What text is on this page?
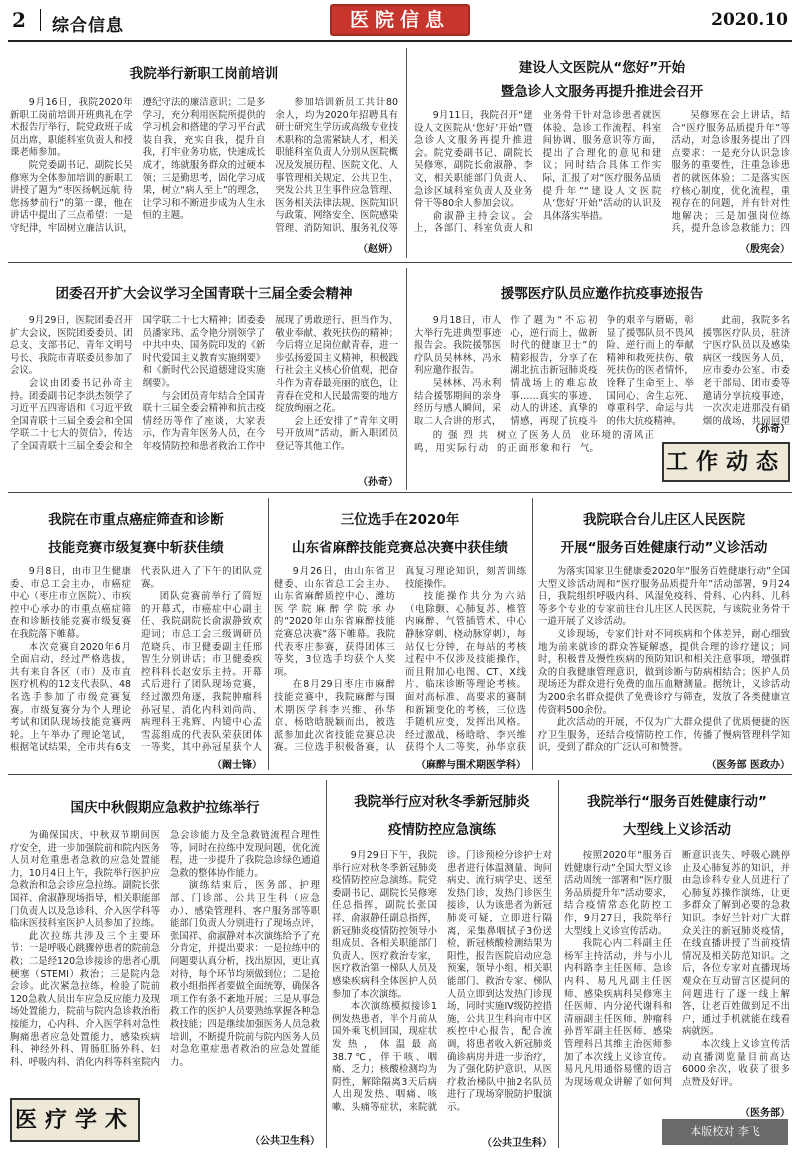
2 综合信息	医院信息	2020.10
我院举行新职工岗前培训

9月16日，我院2020年新职工岗前培训开班典礼在学术报告厅举行，院党政班子成员出席，职能科室负责人和授课老师参加。

院党委副书记、副院长吴修寒为全体参加培训的新职工讲授了题为“枣医扬帆远航 待您扬梦前行”的第一课，他在讲话中提出了三点希望：一是守纪律，牢固树立廉洁认识，遵纪守法的廉洁意识；二是多学习，充分利用医院所提供的学习机会和搭建的学习平台武装自我，充实自我，提升自我，打牢业务功底，快速成长成才，练就服务群众的过硬本领；三是勤思考，固化学习成果，树立“病人至上”的理念，让学习和不断进步成为人生永恒的主题。

参加培训新员工共计80余人，均为2020年招聘具有研士研究生学历或高级专业技术职称的急需紧缺人才，相关职能科室负责人分别从医院概况及发展历程、医院文化、人事管理相关规定、公共卫生、突发公共卫生事件应急管理、医务相关法律法规、医院知识与政策、网络安全、医院感染管理、消防知识、服务礼仪等

（赵妍）
建设人文医院从“您好”开始
暨急诊人文服务再提升推进会召开

9月11日，我院召开“建设人文医院从‘您好’开始”暨急诊人文服务再提升推进会。院党委副书记、副院长吴修寒，副院长俞淑静、李文，相关职能部门负责人、急诊区域科室负责人及业务骨干等80余人参加会议。

俞淑静主持会议。会上，各部门、科室负责人和业务骨干针对急诊患者就医体验、急诊工作流程、科室间协调、服务意识等方面，提出了合理化的意见和建议；同时结合具体工作实际，汇报了对“医疗服务品质提升年”“建设人文医院 从‘您好’开始”活动的认识及具体落实举措。

吴修寒在会上讲话，结合“医疗服务品质提升年”等活动，对急诊服务提出了四点要求：一是充分认识急诊服务的重要性，注重急诊患者的就医体验；二是落实医疗核心制度，优化流程，重视存在的问题，并有针对性地解决；三是加强岗位练兵，提升急诊急救能力；四

（殷宪会）
团委召开扩大会议学习全国青联十三届全委会精神

9月29日，医院团委召开扩大会议，医院团委委员、团总支、支部书记、青年文明号号长、我院市青联委员参加了会议。

会议由团委书记孙奇主持。团委副书记李洪杰领学了习近平五四寄语和《习近平致全国青联十三届全委会和全国学联二十七大的贺信》，传达了全国青联十三届全委会和全国学联二十七大精神；团委委员潘家玮、孟令艳分别领学了中共中央、国务院印发的《新时代爱国主义教育实施纲要》和《新时代公民道德建设实施纲要》。

与会团员青年结合全国青联十三届全委会精神和抗击疫情经历等作了座谈，大家表示，作为青年医务人员，在今年疫情防控和患者救治工作中展现了勇敢逆行、担当作为、敬业奉献、救死扶伤的精神；今后将立足岗位献青春，进一步弘扬爱国主义精神，积极践行社会主义核心价值观，把奋斗作为青春最亮丽的底色，让青春在党和人民最需要的地方绽放绚丽之花。

会上还安排了“青年文明号开放周”活动，新入职团员登记等其他工作。

（孙奇）
援鄂医疗队员应邀作抗疫事迹报告

9月18日，市人大举行先进典型事迹报告会。我院援鄂医疗队员吴林林、冯永利应邀作报告。

吴林林、冯永利结合援鄂期间的亲身经历与感人瞬间，采取二人合讲的形式，作了题为“不忘初心，逆行而上，做新时代的健康卫士”的精彩报告，分享了在湖北抗击新冠肺炎疫情战场上的难忘故事……真实的事迹、动人的讲述、真挚的情感，再现了抗疫斗争的艰辛与磨砺，彰显了援鄂队员不畏风险、逆行而上的奉献精神和救死扶伤、敬死扶伤的医者情怀，诠释了生命至上、举国同心、舍生忘死、尊重科学、命运与共的伟大抗疫精神。

此前，我院多名援鄂医疗队员，驻济宁医疗队员以及感染病区一线医务人员，应市委办公室、市委老干部局、团市委等邀请分享抗疫事迹，一次次走进那没有硝烟的战场，共同回望

的强烈共鸣，用实际行动树立了医务人员的正面形象和行业环境的清风正气。

（孙奇）
工作动态
我院在市重点癌症筛查和诊断
技能竞赛市级复赛中斩获佳绩

9月8日，由市卫生健康委、市总工会主办，市癌症中心（枣庄市立医院）、市疾控中心承办的市重点癌症筛查和诊断技能竞赛市级复赛在我院落下帷幕。

本次竞赛自2020年6月全面启动，经过严格选拔，共有来自各区（市）及市直医疗机构的12支代表队、48名选手参加了市级竞赛复赛。市级复赛分为个人理论考试和团队现场技能竞赛两轮。上午举办了理论笔试，根据笔试结果，全市共有6支代表队进入了下午的团队竞赛。

团队竞赛前举行了简短的开幕式，市癌症中心副主任、我院副院长俞淑静致欢迎词；市总工会三级调研员范晓兵、市卫健委副主任邢智生分别讲话；市卫健委疾控科科长赵安乐主持。开幕式后进行了团队现场竞赛，经过激烈角逐，我院肿瘤科孙冠星、消化内科刘尚尚、病理科王兆辉、内镜中心孟雪蕊组成的代表队荣获团体一等奖，其中孙冠星获个人

（阚士锋）
三位选手在2020年
山东省麻醉技能竞赛总决赛中获佳绩

9月26日，由山东省卫健委、山东省总工会主办、山东省麻醉质控中心、潍坊医学院麻醉学院承办的“2020年山东省麻醉技能竞赛总决赛”落下帷幕。我院代表枣庄参赛，获得团体三等奖，3位选手均获个人奖项。

在8月29日枣庄市麻醉技能竞赛中，我院麻醉与围术期医学科李兴维、孙华京、杨晗晗脱颖而出，被选派参加此次省技能竞赛总决赛。三位选手积极备赛，认真复习理论知识，刻苦训练技能操作。

技能操作共分为六站（电除颤、心肺复苏、椎管内麻醉、气管插管术、中心静脉穿刺、桡动脉穿刺），每站仅七分钟，在每站的考核过程中不仅涉及技能操作，而且附加心电图、CT、X线片、临床诊断等理论考核。面对高标准、高要求的赛制和新颖变化的考核，三位选手随机应变，发挥出风格。经过激战，杨晗晗、李兴维获得个人二等奖，孙华京获

（麻醉与围术期医学科）
我院联合台儿庄区人民医院
开展“服务百姓健康行动”义诊活动

为落实国家卫生健康委2020年“服务百姓健康行动”全国大型义诊活动周和“医疗服务品质提升年”活动部署，9月24日，我院组织呼吸内科、风湿免疫科、骨科、心内科、儿科等多个专业的专家前往台儿庄区人民医院，与该院业务骨干一道开展了义诊活动。

义诊现场，专家们针对不同疾病和个体差异，耐心细致地为前来就诊的群众答疑解惑，提供合理的诊疗建议；同时，积极普及慢性疾病的预防知识和相关注意事项，增强群众的自我健康管理意识，做到诊断与防病相结合；医护人员现场还为群众进行免费的血压血糖测量。据统计，义诊活动为200余名群众提供了免费诊疗与筛查，发放了各类健康宣传资料500余份。

此次活动的开展，不仅为广大群众提供了优质便捷的医疗卫生服务，还结合疫情防控工作，传播了慢病管理科学知识，受到了群众的广泛认可和赞誉。

（医务部 医政办）
国庆中秋假期应急救护拉练举行

为确保国庆、中秋双节期间医疗安全，进一步加强院前和院内医务人员对危重患者急救的应急处置能力，10月4日上午，我院举行医护应急救治和急会诊应急拉练。副院长张国祥、俞淑静现场指导，相关职能部门负责人以及急诊科、介入医学科等临床医技科室医护人员参加了拉练。

此次拉练共涉及三个主要环节：一是呼吸心跳骤停患者的院前急救；二是经120急诊接诊的患者心肌梗塞（STEMI）救治；三是院内急会诊。此次紧急拉练，检验了院前120急救人员出车应急反应能力及现场处置能力，院前与院内急诊救治衔接能力，心内科、介入医学科对急性胸痛患者应急处置能力，感染疾病科、神经外科、胃肠肛肠外科、妇科、呼吸内科、消化内科等科室院内急会诊能力及全急救链流程合理性等，同时在拉练中发现问题，优化流程，进一步提升了我院急诊绿色通道急救的整体协作能力。

演练结束后，医务部、护理部、门诊部、公共卫生科（应急办）、感染管理科、客户服务部等职能部门负责人分别进行了现场点评，张国祥、俞淑静对本次演练给予了充分肯定，并提出要求：一是拉练中的问题要认真分析，找出原因，更让真对待，每个环节均须做到位；二是抢救小组指挥者要做全面统筹，确保各项工作有条不紊地开展；三是从事急救工作的医护人员要熟练掌握各种急救技能；四是继续加强医务人员急救培训，不断提升院前与院内医务人员对急危重症患者救治的应急处置能力。

（公共卫生科）
医疗学术
我院举行应对秋冬季新冠肺炎
疫情防控应急演练

9月29日下午，我院举行应对秋冬季新冠肺炎疫情防控应急演练。院党委副书记、副院长吴修寒任总指挥，副院长张国祥、俞淑静任副总指挥，新冠肺炎疫情防控领导小组成员、各相关职能部门负责人、医疗救治专家，医疗救治第一梯队人员及感染疾病科全体医护人员参加了本次演练。

本次演练模拟接诊1例发热患者，半个月前从国外乘飞机回国，现症状发热，体温最高38.7℃，伴干咳、咽痛、乏力；核酸检测均为阴性，解除隔离3天后病人出现发热、咽痛、咳嗽、头痛等症状，来院就诊。门诊预检分诊护士对患者进行体温测量、询问病史、流行病学史、送至发热门诊，发热门诊医生接诊，认为该患者为新冠肺炎可疑，立即进行隔离，采集鼻咽拭子3份送检，新冠核酸检测结果为阳性，报告医院启动应急预案，领导小组、相关职能部门、救治专家、梯队人员立即到达发热门诊现场，同时实施IV级防控措施，公共卫生科向市中区疾控中心报告，配合流调，将患者收入新冠肺炎确诊病房并进一步治疗，为了强化防护意识，从医疗救治梯队中抽2名队员进行了现场穿脱防护服演示。

（公共卫生科）
我院举行“服务百姓健康行动”
大型线上义诊活动

按照2020年“服务百姓健康行动”全国大型义诊活动周统一部署和“医疗服务品质提升年”活动要求，结合疫情常态化防控工作，9月27日，我院举行大型线上义诊宣传活动。

我院心内二科副主任杨军主持活动，并与小儿内科路李主任医师、急诊内科、易凡凡副主任医师、感染疾病科吴修寒主任医师、内分泌代谢科和清丽副主任医师、肿瘤科孙晋军副主任医师、感染管理科吕其维主治医师参加了本次线上义诊宣传。易凡凡用通俗易懂的语言为现场观众讲解了如何判断意识丧失、呼吸心跳停止及心肺复苏的知识，并由急诊科专业人员进行了心肺复苏操作演练，让更多群众了解到必要的急救知识。李好兰针对广大群众关注的新冠肺炎疫情，在线直播讲授了当前疫情情况及相关防范知识。之后，各位专家对直播现场观众在互动留言区提问的问题进行了逐一线上解答，让老百姓做到足不出户，通过手机就能在线看病就医。

本次线上义诊宣传活动直播浏览量目前高达6000余次，收获了很多点赞及好评。

（医务部）
本版校对 李飞
